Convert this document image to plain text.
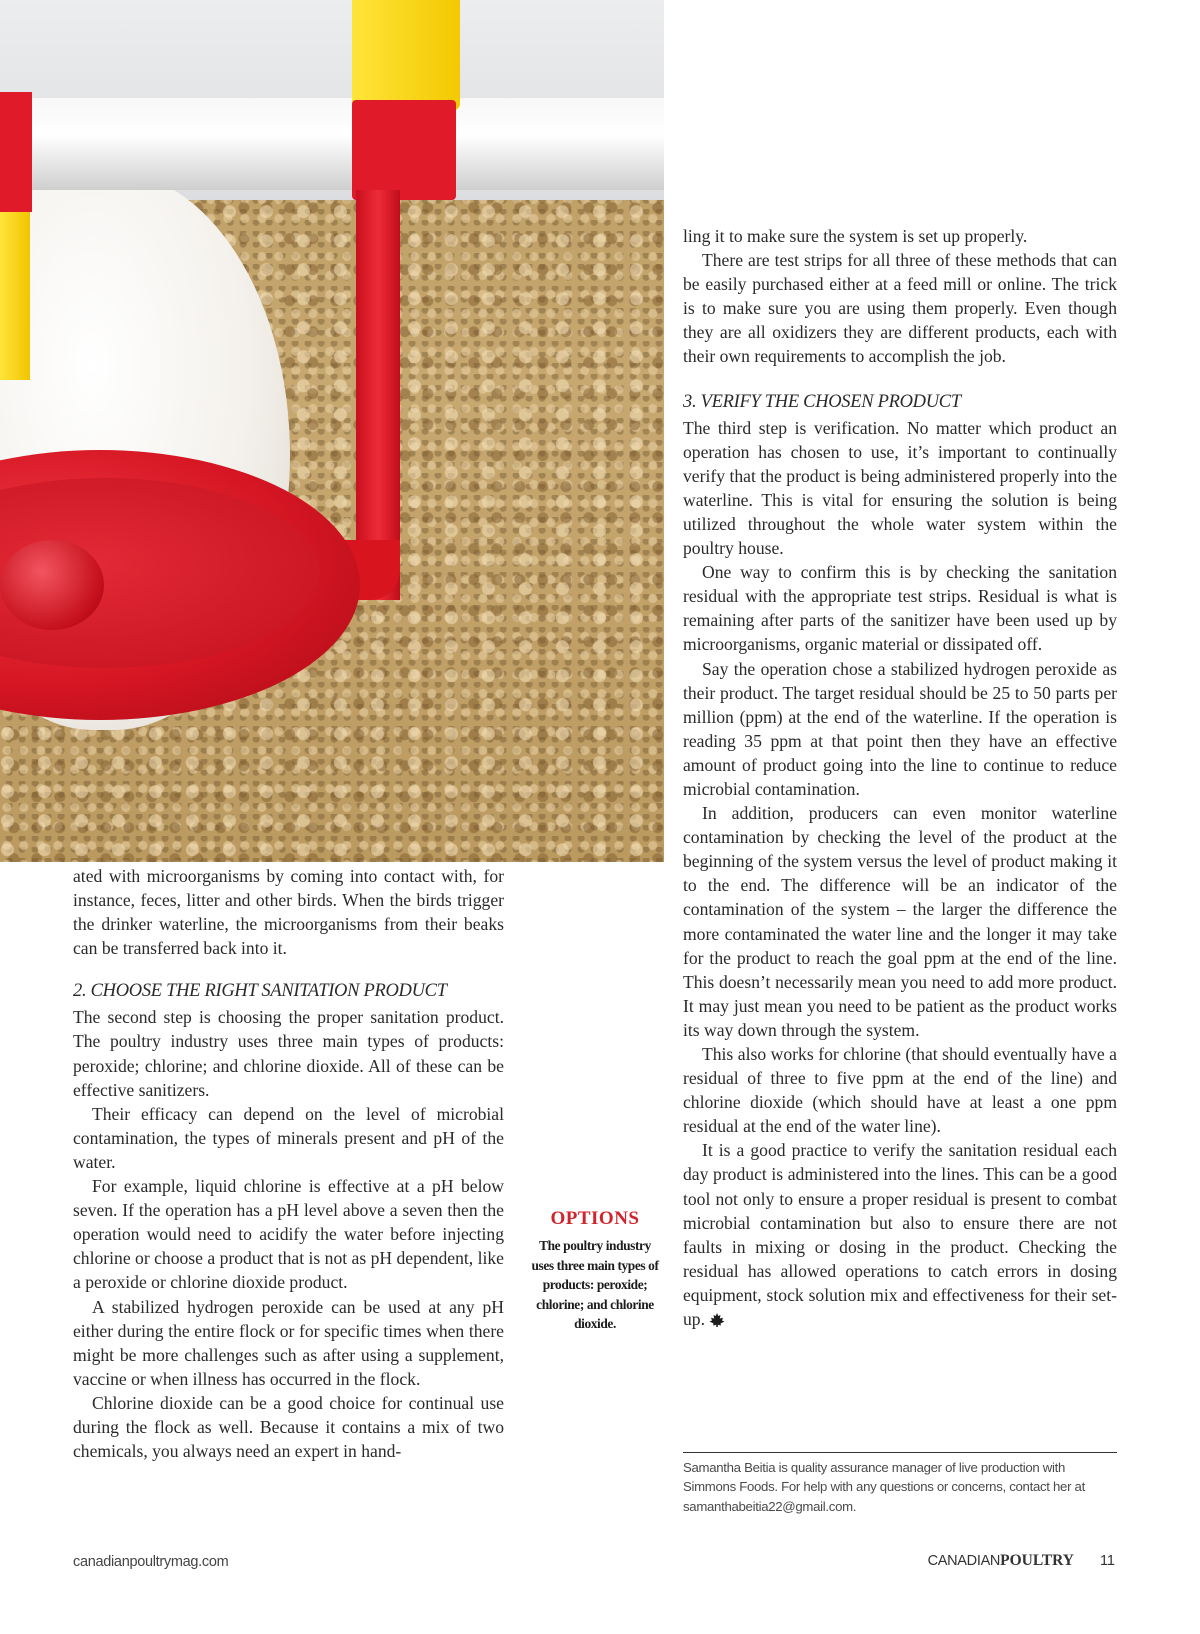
ated with microorganisms by coming into contact with, for instance, feces, litter and other birds. When the birds trigger the drinker waterline, the microorganisms from their beaks can be transferred back into it.

2. CHOOSE THE RIGHT SANITATION PRODUCT

The second step is choosing the proper sanitation product. The poultry industry uses three main types of products: peroxide; chlorine; and chlorine dioxide. All of these can be effective sanitizers.

Their efficacy can depend on the level of microbial contamination, the types of minerals present and pH of the water.

For example, liquid chlorine is effective at a pH below seven. If the operation has a pH level above a seven then the operation would need to acidify the water before injecting chlorine or choose a product that is not as pH dependent, like a peroxide or chlorine dioxide product.

A stabilized hydrogen peroxide can be used at any pH either during the entire flock or for specific times when there might be more challenges such as after using a supplement, vaccine or when illness has occurred in the flock.

Chlorine dioxide can be a good choice for continual use during the flock as well. Because it contains a mix of two chemicals, you always need an expert in hand-

OPTIONS
The poultry industry uses three main types of products: peroxide; chlorine; and chlorine dioxide.

ling it to make sure the system is set up properly.

There are test strips for all three of these methods that can be easily purchased either at a feed mill or online. The trick is to make sure you are using them properly. Even though they are all oxidizers they are different products, each with their own requirements to accomplish the job.

3. VERIFY THE CHOSEN PRODUCT

The third step is verification. No matter which product an operation has chosen to use, it’s important to continually verify that the product is being administered properly into the waterline. This is vital for ensuring the solution is being utilized throughout the whole water system within the poultry house.

One way to confirm this is by checking the sanitation residual with the appropriate test strips. Residual is what is remaining after parts of the sanitizer have been used up by microorganisms, organic material or dissipated off.

Say the operation chose a stabilized hydrogen peroxide as their product. The target residual should be 25 to 50 parts per million (ppm) at the end of the waterline. If the operation is reading 35 ppm at that point then they have an effective amount of product going into the line to continue to reduce microbial contamination.

In addition, producers can even monitor waterline contamination by checking the level of the product at the beginning of the system versus the level of product making it to the end. The difference will be an indicator of the contamination of the system – the larger the difference the more contaminated the water line and the longer it may take for the product to reach the goal ppm at the end of the line. This doesn’t necessarily mean you need to add more product. It may just mean you need to be patient as the product works its way down through the system.

This also works for chlorine (that should eventually have a residual of three to five ppm at the end of the line) and chlorine dioxide (which should have at least a one ppm residual at the end of the water line).

It is a good practice to verify the sanitation residual each day product is administered into the lines. This can be a good tool not only to ensure a proper residual is present to combat microbial contamination but also to ensure there are not faults in mixing or dosing in the product. Checking the residual has allowed operations to catch errors in dosing equipment, stock solution mix and effectiveness for their set-up.

Samantha Beitia is quality assurance manager of live production with Simmons Foods. For help with any questions or concerns, contact her at samanthabeitia22@gmail.com.
canadianpoultrymag.com	CANADIANPOULTRY 11
